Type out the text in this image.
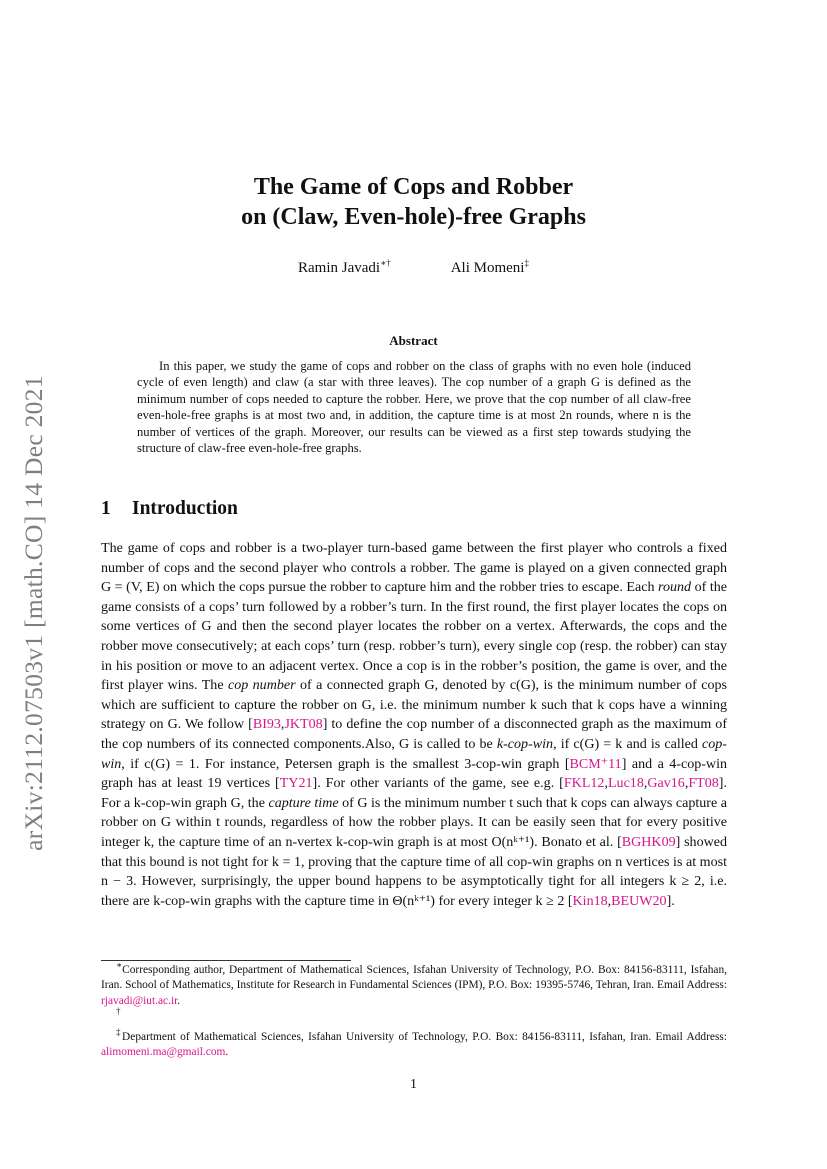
arXiv:2112.07503v1 [math.CO] 14 Dec 2021
The Game of Cops and Robber
on (Claw, Even-hole)-free Graphs
Ramin Javadi∗†	Ali Momeni‡
Abstract

In this paper, we study the game of cops and robber on the class of graphs with no even hole (induced cycle of even length) and claw (a star with three leaves). The cop number of a graph G is defined as the minimum number of cops needed to capture the robber. Here, we prove that the cop number of all claw-free even-hole-free graphs is at most two and, in addition, the capture time is at most 2n rounds, where n is the number of vertices of the graph. Moreover, our results can be viewed as a first step towards studying the structure of claw-free even-hole-free graphs.

1 Introduction

The game of cops and robber is a two-player turn-based game between the first player who controls a fixed number of cops and the second player who controls a robber. The game is played on a given connected graph G = (V, E) on which the cops pursue the robber to capture him and the robber tries to escape. Each round of the game consists of a cops’ turn followed by a robber’s turn. In the first round, the first player locates the cops on some vertices of G and then the second player locates the robber on a vertex. Afterwards, the cops and the robber move consecutively; at each cops’ turn (resp. robber’s turn), every single cop (resp. the robber) can stay in his position or move to an adjacent vertex. Once a cop is in the robber’s position, the game is over, and the first player wins. The cop number of a connected graph G, denoted by c(G), is the minimum number of cops which are sufficient to capture the robber on G, i.e. the minimum number k such that k cops have a winning strategy on G. We follow [BI93,JKT08] to define the cop number of a disconnected graph as the maximum of the cop numbers of its connected components.Also, G is called to be k-cop-win, if c(G) = k and is called cop-win, if c(G) = 1. For instance, Petersen graph is the smallest 3-cop-win graph [BCM⁺11] and a 4-cop-win graph has at least 19 vertices [TY21]. For other variants of the game, see e.g. [FKL12,Luc18,Gav16,FT08]. For a k-cop-win graph G, the capture time of G is the minimum number t such that k cops can always capture a robber on G within t rounds, regardless of how the robber plays. It can be easily seen that for every positive integer k, the capture time of an n-vertex k-cop-win graph is at most O(nᵏ⁺¹). Bonato et al. [BGHK09] showed that this bound is not tight for k = 1, proving that the capture time of all cop-win graphs on n vertices is at most n − 3. However, surprisingly, the upper bound happens to be asymptotically tight for all integers k ≥ 2, i.e. there are k-cop-win graphs with the capture time in Θ(nᵏ⁺¹) for every integer k ≥ 2 [Kin18,BEUW20].

∗Corresponding author, Department of Mathematical Sciences, Isfahan University of Technology, P.O. Box: 84156-83111, Isfahan, Iran. School of Mathematics, Institute for Research in Fundamental Sciences (IPM), P.O. Box: 19395-5746, Tehran, Iran. Email Address: rjavadi@iut.ac.ir.

†

‡Department of Mathematical Sciences, Isfahan University of Technology, P.O. Box: 84156-83111, Isfahan, Iran. Email Address: alimomeni.ma@gmail.com.

1
